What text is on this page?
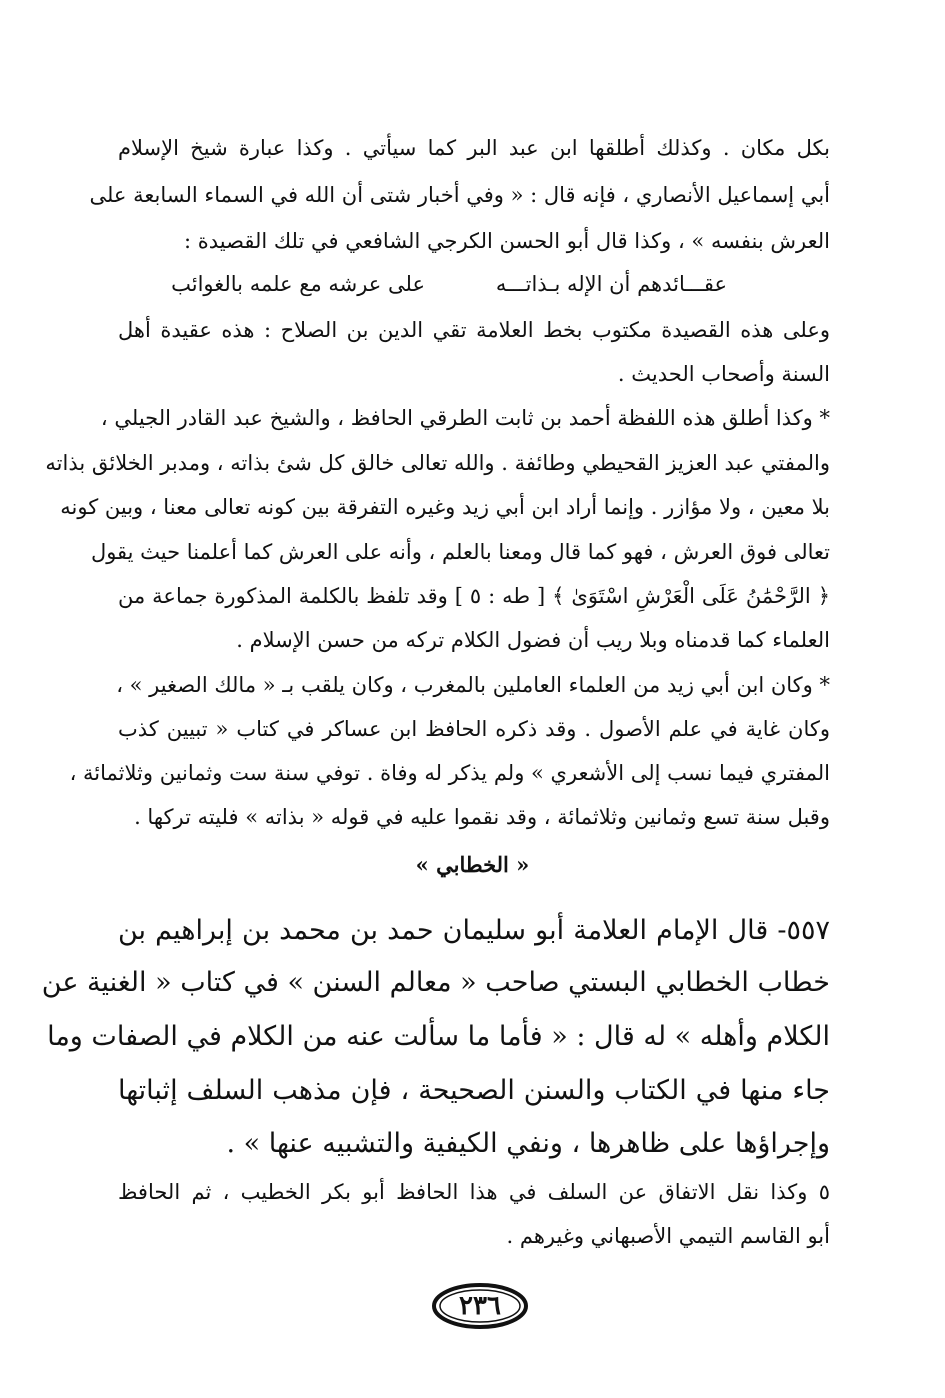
بكل مكان . وكذلك أطلقها ابن عبد البر كما سيأتي . وكذا عبارة شيخ الإسلام
أبي إسماعيل الأنصاري ، فإنه قال : « وفي أخبار شتى أن الله في السماء السابعة على
العرش بنفسه » ، وكذا قال أبو الحسن الكرجي الشافعي في تلك القصيدة :
عقـــائدهم أن الإله بـذاتـــه
على عرشه مع علمه بالغوائب
وعلى هذه القصيدة مكتوب بخط العلامة تقي الدين بن الصلاح : هذه عقيدة أهل
السنة وأصحاب الحديث .
* وكذا أطلق هذه اللفظة أحمد بن ثابت الطرقي الحافظ ، والشيخ عبد القادر الجيلي ،
والمفتي عبد العزيز القحيطي وطائفة . والله تعالى خالق كل شئ بذاته ، ومدبر الخلائق بذاته
بلا معين ، ولا مؤازر . وإنما أراد ابن أبي زيد وغيره التفرقة بين كونه تعالى معنا ، وبين كونه
تعالى فوق العرش ، فهو كما قال ومعنا بالعلم ، وأنه على العرش كما أعلمنا حيث يقول
﴿ الرَّحْمَٰنُ عَلَى الْعَرْشِ اسْتَوَىٰ ﴾ [ طه : ٥ ] وقد تلفظ بالكلمة المذكورة جماعة من
العلماء كما قدمناه وبلا ريب أن فضول الكلام تركه من حسن الإسلام .
* وكان ابن أبي زيد من العلماء العاملين بالمغرب ، وكان يلقب بـ « مالك الصغير » ،
وكان غاية في علم الأصول . وقد ذكره الحافظ ابن عساكر في كتاب « تبيين كذب
المفتري فيما نسب إلى الأشعري » ولم يذكر له وفاة . توفي سنة ست وثمانين وثلاثمائة ،
وقبل سنة تسع وثمانين وثلاثمائة ، وقد نقموا عليه في قوله « بذاته » فليته تركها .
« الخطابي »
٥٥٧- قال الإمام العلامة أبو سليمان حمد بن محمد بن إبراهيم بن
خطاب الخطابي البستي صاحب « معالم السنن » في كتاب « الغنية عن
الكلام وأهله » له قال : « فأما ما سألت عنه من الكلام في الصفات وما
جاء منها في الكتاب والسنن الصحيحة ، فإن مذهب السلف إثباتها
وإجراؤها على ظاهرها ، ونفي الكيفية والتشبيه عنها » .
٥ وكذا نقل الاتفاق عن السلف في هذا الحافظ أبو بكر الخطيب ، ثم الحافظ
أبو القاسم التيمي الأصبهاني وغيرهم .
٢٣٦
